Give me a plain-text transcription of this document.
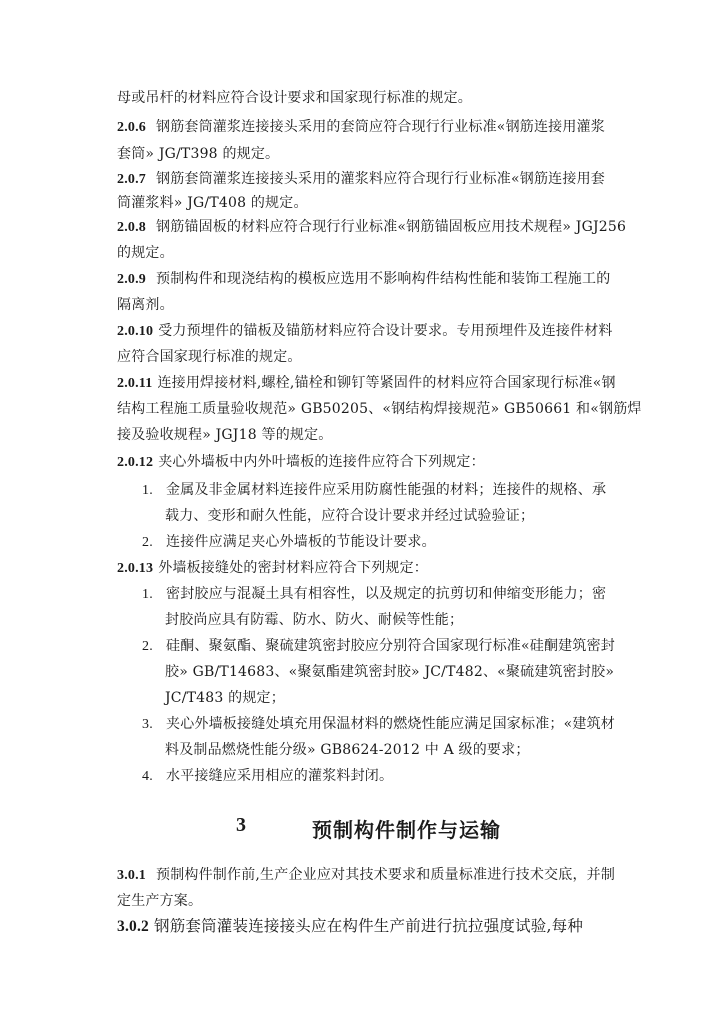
母或吊杆的材料应符合设计要求和国家现行标准的规定。
2.0.6 钢筋套筒灌浆连接接头采用的套筒应符合现行行业标准«钢筋连接用灌浆
套筒» JG/T398 的规定。
2.0.7 钢筋套筒灌浆连接接头采用的灌浆料应符合现行行业标准«钢筋连接用套
筒灌浆料» JG/T408 的规定。
2.0.8 钢筋锚固板的材料应符合现行行业标准«钢筋锚固板应用技术规程» JGJ256
的规定。
2.0.9 预制构件和现浇结构的模板应选用不影响构件结构性能和装饰工程施工的
隔离剂。
2.0.10 受力预埋件的锚板及锚筋材料应符合设计要求。专用预埋件及连接件材料
应符合国家现行标准的规定。
2.0.11 连接用焊接材料,螺栓,锚栓和铆钉等紧固件的材料应符合国家现行标准«钢
结构工程施工质量验收规范» GB50205、«钢结构焊接规范» GB50661 和«钢筋焊
接及验收规程» JGJ18 等的规定。
2.0.12 夹心外墙板中内外叶墙板的连接件应符合下列规定：
1. 金属及非金属材料连接件应采用防腐性能强的材料；连接件的规格、承
载力、变形和耐久性能，应符合设计要求并经过试验验证；
2. 连接件应满足夹心外墙板的节能设计要求。
2.0.13 外墙板接缝处的密封材料应符合下列规定：
1. 密封胶应与混凝土具有相容性，以及规定的抗剪切和伸缩变形能力；密
封胶尚应具有防霉、防水、防火、耐候等性能；
2. 硅酮、聚氨酯、聚硫建筑密封胶应分别符合国家现行标准«硅酮建筑密封
胶» GB/T14683、«聚氨酯建筑密封胶» JC/T482、«聚硫建筑密封胶»
JC/T483 的规定；
3. 夹心外墙板接缝处填充用保温材料的燃烧性能应满足国家标准；«建筑材
料及制品燃烧性能分级» GB8624-2012 中 A 级的要求；
4. 水平接缝应采用相应的灌浆料封闭。
3	预制构件制作与运输
3.0.1 预制构件制作前,生产企业应对其技术要求和质量标准进行技术交底，并制
定生产方案。
3.0.2 钢筋套筒灌装连接接头应在构件生产前进行抗拉强度试验,每种
